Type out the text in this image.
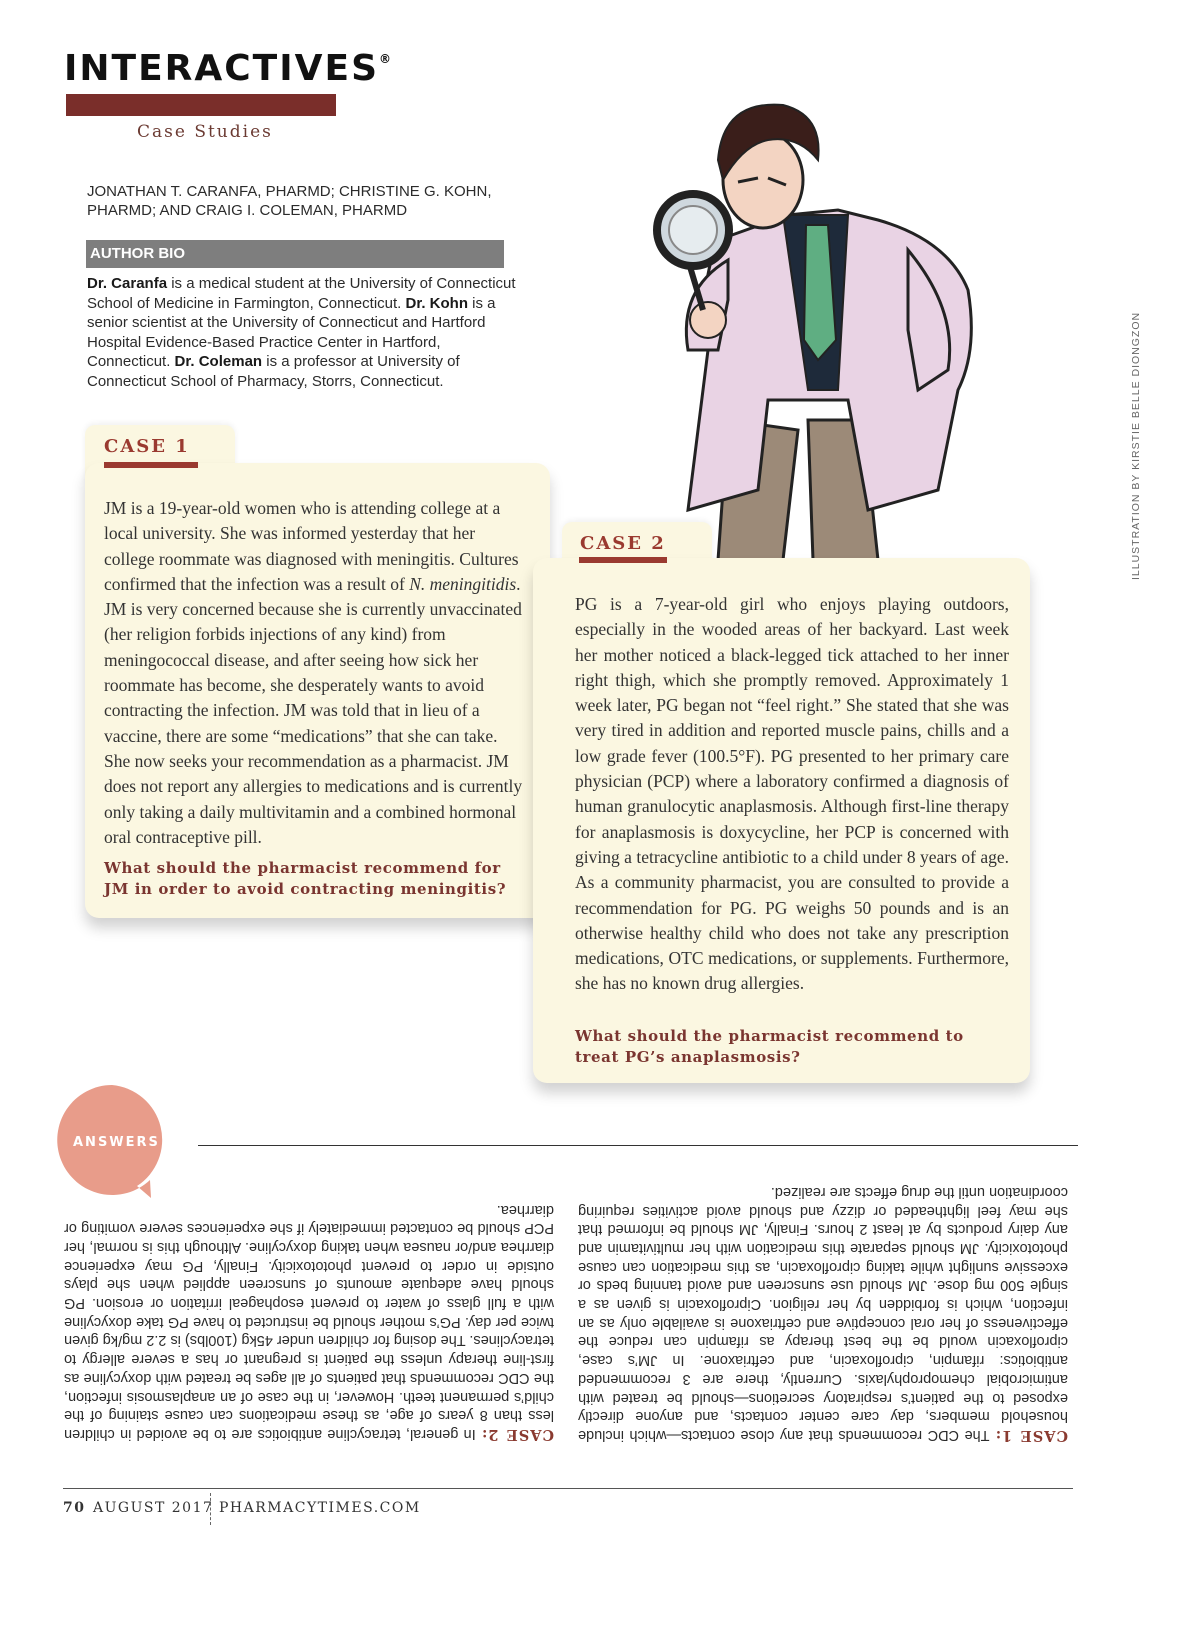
INTERACTIVES®
Case Studies
JONATHAN T. CARANFA, PHARMD; CHRISTINE G. KOHN,
PHARMD; AND CRAIG I. COLEMAN, PHARMD
AUTHOR BIO
Dr. Caranfa is a medical student at the University of Connecticut School of Medicine in Farmington, Connecticut. Dr. Kohn is a senior scientist at the University of Connecticut and Hartford Hospital Evidence-Based Practice Center in Hartford, Connecticut. Dr. Coleman is a professor at University of Connecticut School of Pharmacy, Storrs, Connecticut.	ILLUSTRATION BY KIRSTIE BELLE DIONGZON
CASE 1
JM is a 19-year-old women who is attending college at a local university. She was informed yesterday that her college roommate was diagnosed with meningitis. Cultures confirmed that the infection was a result of N. meningitidis. JM is very concerned because she is currently unvaccinated (her religion forbids injections of any kind) from meningococcal disease, and after seeing how sick her roommate has become, she desperately wants to avoid contracting the infection. JM was told that in lieu of a vaccine, there are some “medications” that she can take. She now seeks your recommendation as a pharmacist. JM does not report any allergies to medications and is currently only taking a daily multivitamin and a combined hormonal oral contraceptive pill.
What should the pharmacist recommend for JM in order to avoid contracting meningitis?
CASE 2
PG is a 7-year-old girl who enjoys playing outdoors, especially in the wooded areas of her backyard. Last week her mother noticed a black-legged tick attached to her inner right thigh, which she promptly removed. Approximately 1 week later, PG began not “feel right.” She stated that she was very tired in addition and reported muscle pains, chills and a low grade fever (100.5°F). PG presented to her primary care physician (PCP) where a laboratory confirmed a diagnosis of human granulocytic anaplasmosis. Although first-line therapy for anaplasmosis is doxycycline, her PCP is concerned with giving a tetracycline antibiotic to a child under 8 years of age. As a community pharmacist, you are consulted to provide a recommendation for PG. PG weighs 50 pounds and is an otherwise healthy child who does not take any prescription medications, OTC medications, or supplements. Furthermore, she has no known drug allergies.
What should the pharmacist recommend to treat PG’s anaplasmosis?
ANSWERS
CASE 1: The CDC recommends that any close contacts—which include household members, day care center contacts, and anyone directly exposed to the patient’s respiratory secretions—should be treated with antimicrobial chemoprophylaxis. Currently, there are 3 recommended antibiotics: rifampin, ciprofloxacin, and ceftriaxone. In JM’s case, ciprofloxacin would be the best therapy as rifampin can reduce the effectiveness of her oral conceptive and ceftriaxone is available only as an infection, which is forbidden by her religion. Ciprofloxacin is given as a single 500 mg dose. JM should use sunscreen and avoid tanning beds or excessive sunlight while taking ciprofloxacin, as this medication can cause phototoxicity. JM should separate this medication with her multivitamin and any dairy products by at least 2 hours. Finally, JM should be informed that she may feel lightheaded or dizzy and should avoid activities requiring coordination until the drug effects are realized.
CASE 2: In general, tetracycline antibiotics are to be avoided in children less than 8 years of age, as these medications can cause staining of the child’s permanent teeth. However, in the case of an anaplasmosis infection, the CDC recommends that patients of all ages be treated with doxycyline as first-line therapy unless the patient is pregnant or has a severe allergy to tetracyclines. The dosing for children under 45kg (100lbs) is 2.2 mg/kg given twice per day. PG’s mother should be instructed to have PG take doxycyline with a full glass of water to prevent esophageal irritation or erosion. PG should have adequate amounts of sunscreen applied when she plays outside in order to prevent phototoxicity. Finally, PG may experience diarrhea and/or nausea when taking doxycyline. Although this is normal, her PCP should be contacted immediately if she experiences severe vomiting or diarrhea.
70 AUGUST 2017 PHARMACYTIMES.COM
